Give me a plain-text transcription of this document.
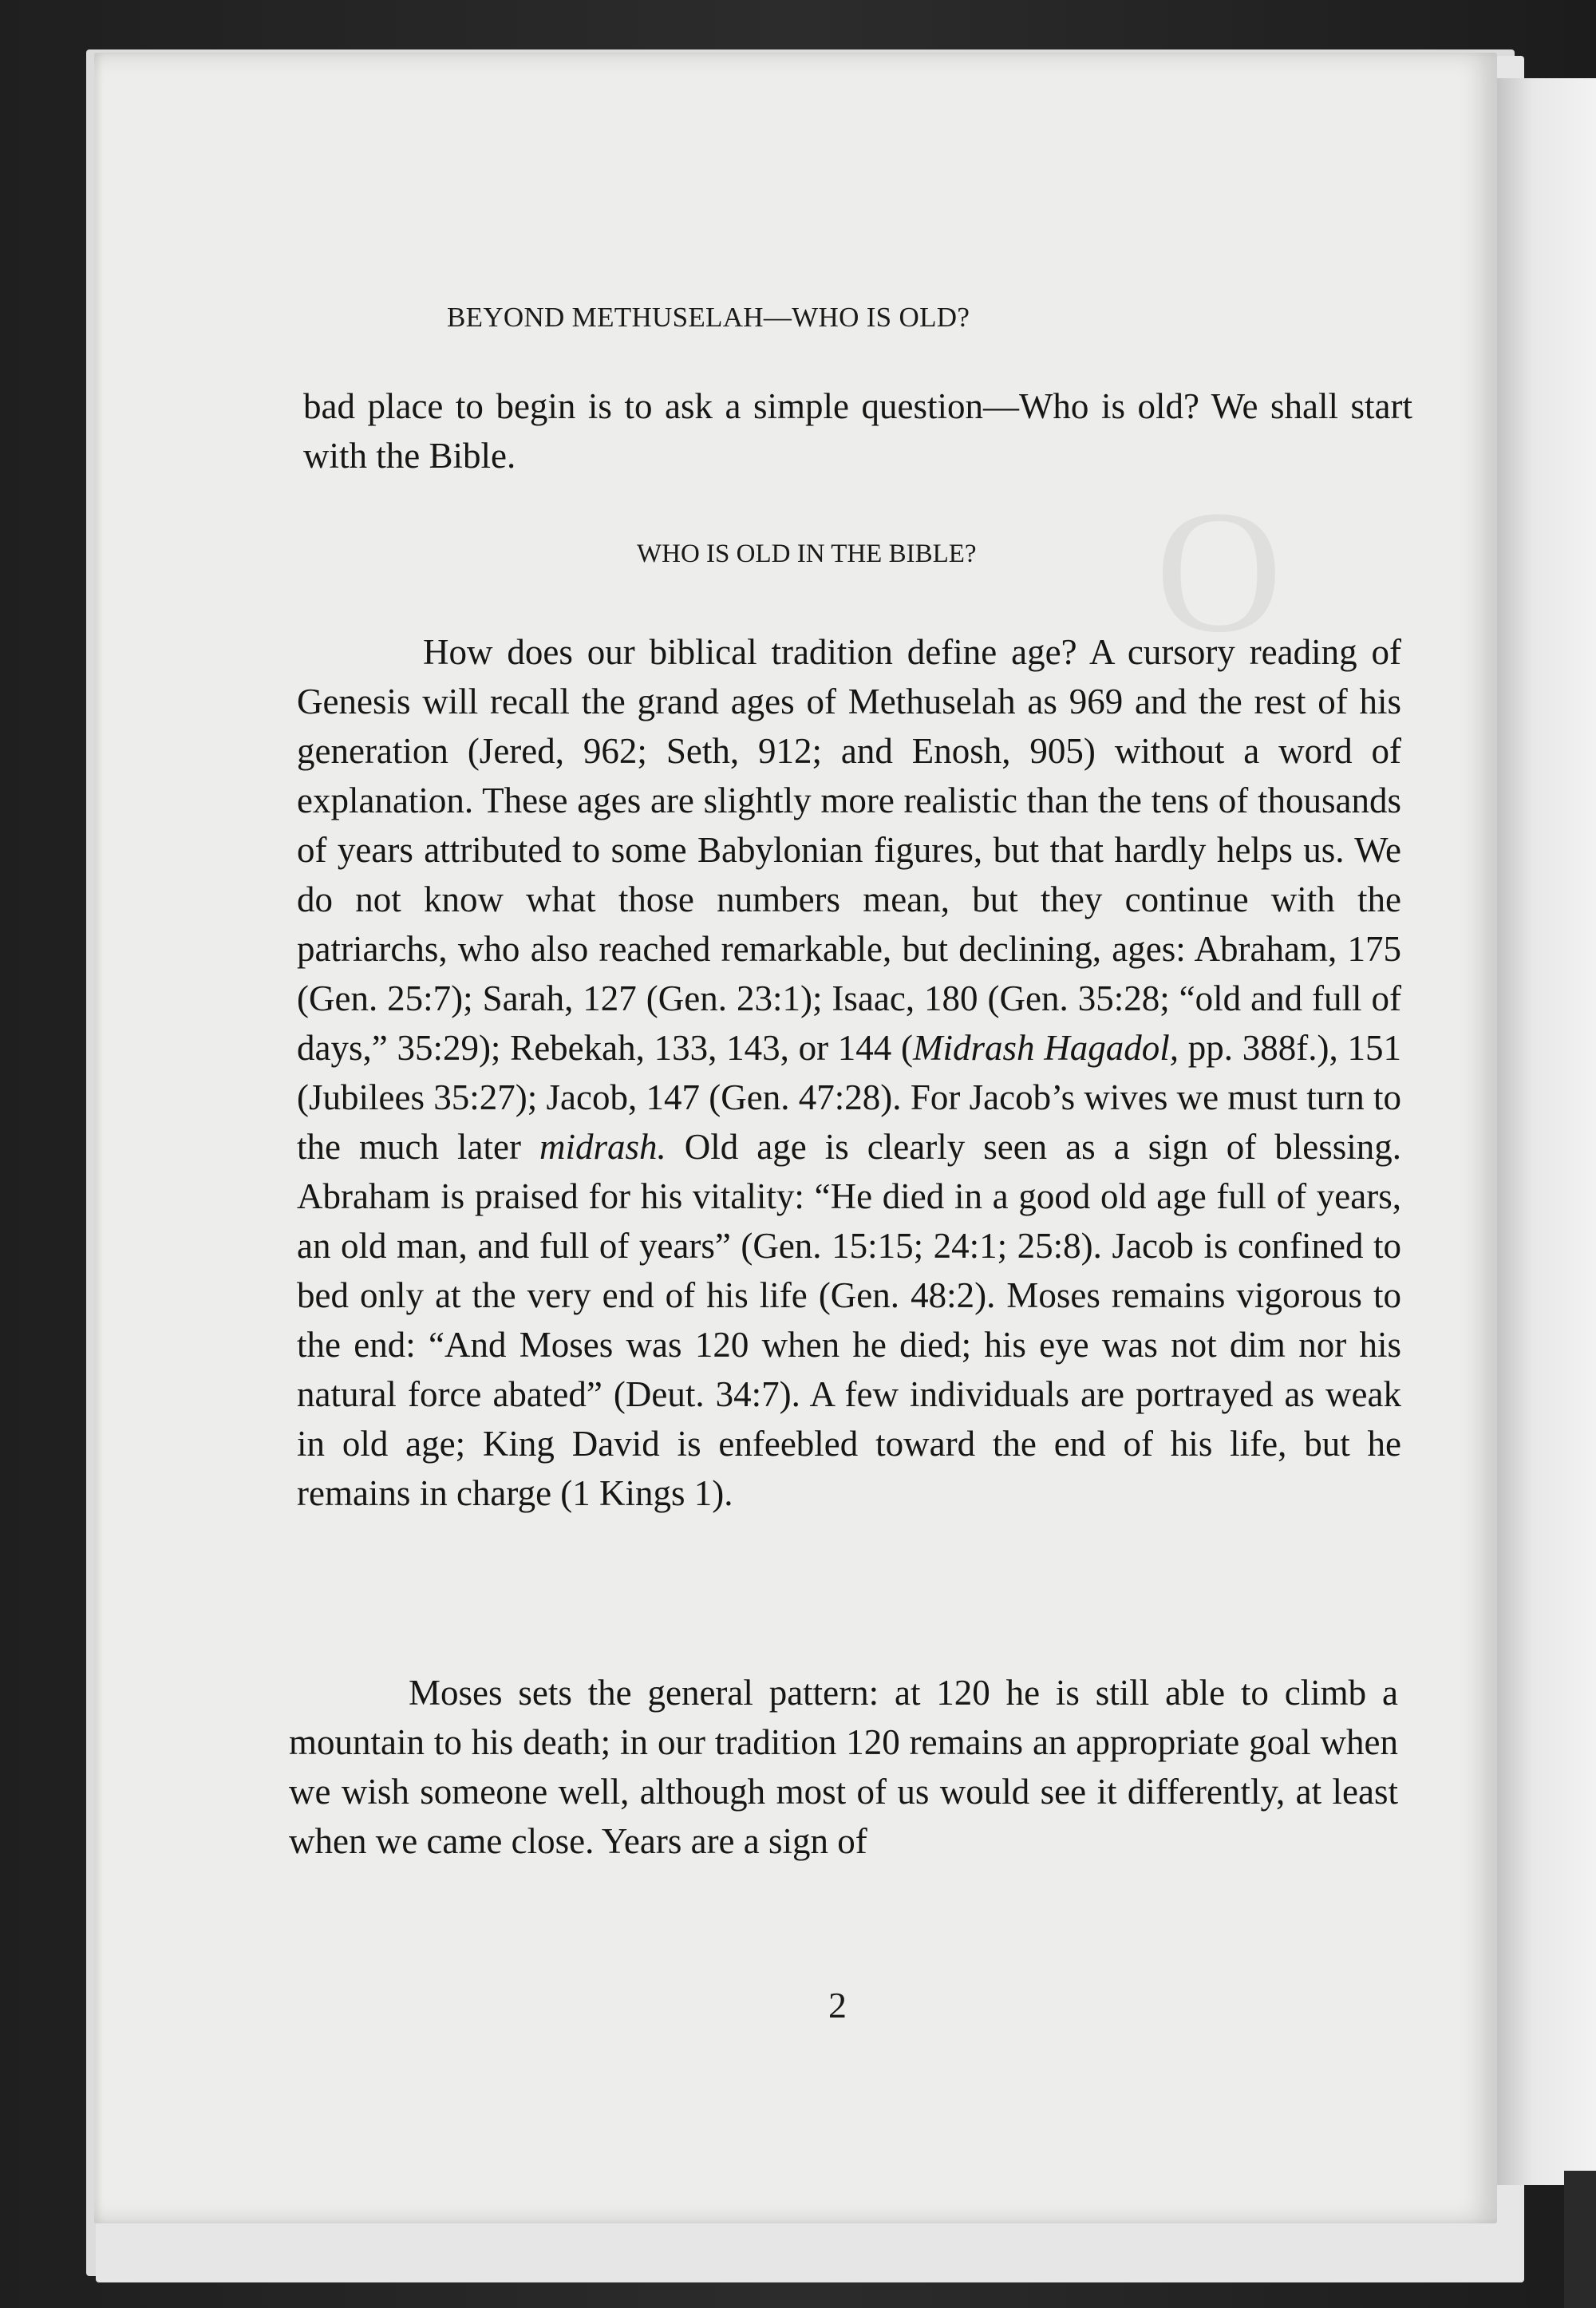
O
BEYOND METHUSELAH—WHO IS OLD?
bad place to begin is to ask a simple question—Who is old? We shall start with the Bible.
WHO IS OLD IN THE BIBLE?
How does our biblical tradition define age? A cursory reading of Genesis will recall the grand ages of Methuselah as 969 and the rest of his generation (Jered, 962; Seth, 912; and Enosh, 905) without a word of explanation. These ages are slightly more realistic than the tens of thousands of years attributed to some Babylonian figures, but that hardly helps us. We do not know what those numbers mean, but they continue with the patriarchs, who also reached remarkable, but declining, ages: Abraham, 175 (Gen. 25:7); Sarah, 127 (Gen. 23:1); Isaac, 180 (Gen. 35:28; “old and full of days,” 35:29); Rebekah, 133, 143, or 144 (Midrash Hagadol, pp. 388f.), 151 (Jubilees 35:27); Jacob, 147 (Gen. 47:28). For Jacob’s wives we must turn to the much later midrash. Old age is clearly seen as a sign of blessing. Abraham is praised for his vitality: “He died in a good old age full of years, an old man, and full of years” (Gen. 15:15; 24:1; 25:8). Jacob is confined to bed only at the very end of his life (Gen. 48:2). Moses remains vigorous to the end: “And Moses was 120 when he died; his eye was not dim nor his natural force abated” (Deut. 34:7). A few individuals are portrayed as weak in old age; King David is enfeebled toward the end of his life, but he remains in charge (1 Kings 1).
Moses sets the general pattern: at 120 he is still able to climb a mountain to his death; in our tradition 120 remains an appropriate goal when we wish someone well, although most of us would see it differently, at least when we came close. Years are a sign of
2
